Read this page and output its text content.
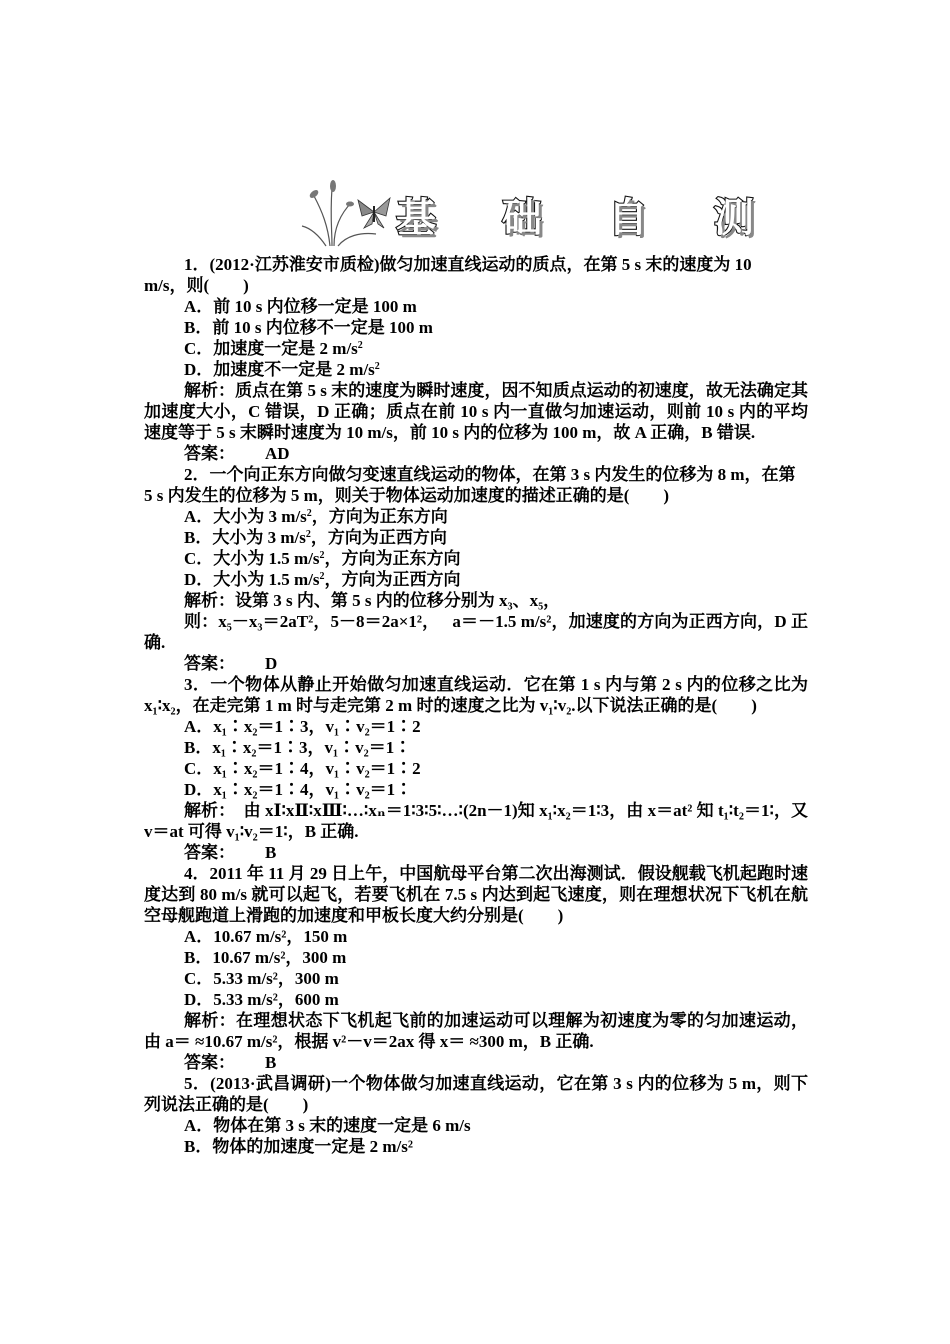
基 础 自 测

1．(2012·江苏淮安市质检)做匀加速直线运动的质点，在第 5 s 末的速度为 10

m/s，则(　　)

A．前 10 s 内位移一定是 100 m

B．前 10 s 内位移不一定是 100 m

C．加速度一定是 2 $m/s^2$

D．加速度不一定是 2 $m/s^2$

解析：质点在第 5 s 末的速度为瞬时速度，因不知质点运动的初速度，故无法确定其加速度大小，C 错误，D 正确；质点在前 10 s 内一直做匀加速运动，则前 10 s 内的平均速度等于 5 s 末瞬时速度为 10 m/s，前 10 s 内的位移为 100 m，故 A 正确，B 错误.

答案： AD

2．一个向正东方向做匀变速直线运动的物体，在第 3 s 内发生的位移为 8 m，在第 5 s 内发生的位移为 5 m，则关于物体运动加速度的描述正确的是(　　)

A．大小为 3 $m/s^2$，方向为正东方向

B．大小为 3 $m/s^2$，方向为正西方向

C．大小为 1.5 $m/s^2$，方向为正东方向

D．大小为 1.5 $m/s^2$，方向为正西方向

解析：设第 3 s 内、第 5 s 内的位移分别为 x₃、x₅，

则：x₅－x₃＝2aT²，5－8＝2a×1²，　 a＝－1.5 m/s²，加速度的方向为正西方向，D 正确.

答案： D

3．一个物体从静止开始做匀加速直线运动．它在第 1 s 内与第 2 s 内的位移之比为 x₁∶x₂，在走完第 1 m 时与走完第 2 m 时的速度之比为 v₁∶v₂.以下说法正确的是(　　)

A．x₁∶x₂＝1∶3，v₁∶v₂＝1∶2

B．x₁∶x₂＝1∶3，v₁∶v₂＝1∶

C．x₁∶x₂＝1∶4，v₁∶v₂＝1∶2

D．x₁∶x₂＝1∶4，v₁∶v₂＝1∶

解析：　由 xⅠ∶xⅡ∶xⅢ∶…∶xₙ＝1∶3∶5∶…∶(2n－1)知 x₁∶x₂＝1∶3，由 x＝at² 知 t₁∶t₂＝1∶，又 v＝at 可得 v₁∶v₂＝1∶，B 正确.

答案： B

4．2011 年 11 月 29 日上午，中国航母平台第二次出海测试．假设舰载飞机起跑时速度达到 80 m/s 就可以起飞，若要飞机在 7.5 s 内达到起飞速度，则在理想状况下飞机在航空母舰跑道上滑跑的加速度和甲板长度大约分别是(　　)

A．10.67 m/s²，150 m

B．10.67 m/s²，300 m

C．5.33 m/s²，300 m

D．5.33 m/s²，600 m

解析：在理想状态下飞机起飞前的加速运动可以理解为初速度为零的匀加速运动，由 a＝ ≈10.67 m/s²，根据 v²－v＝2ax 得 x＝ ≈300 m，B 正确.

答案： B

5．(2013·武昌调研)一个物体做匀加速直线运动，它在第 3 s 内的位移为 5 m，则下列说法正确的是(　　)

A．物体在第 3 s 末的速度一定是 6 m/s

B．物体的加速度一定是 2 m/s²
